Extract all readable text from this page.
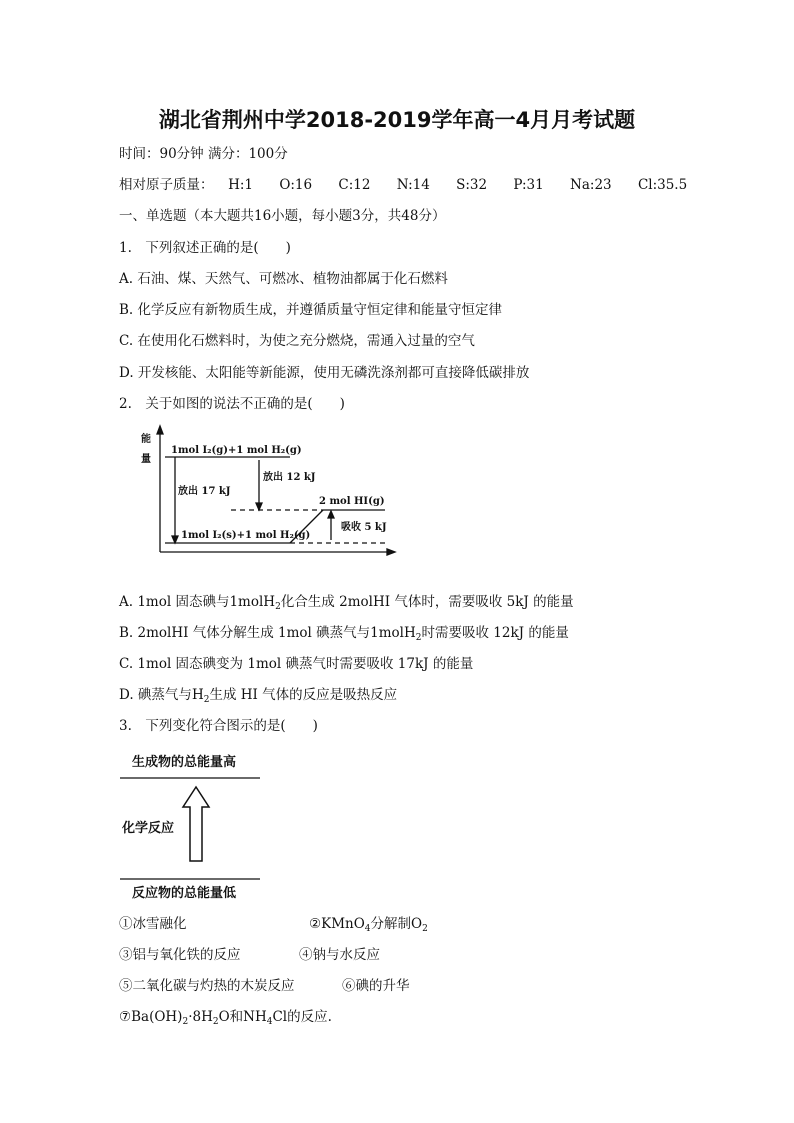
湖北省荆州中学2018-2019学年高一4月月考试题
时间：90分钟 满分：100分
相对原子质量： H:1 O:16 C:12 N:14 S:32 P:31 Na:23 Cl:35.5
一、单选题（本大题共16小题，每小题3分，共48分）
1.　下列叙述正确的是(　　)
A. 石油、煤、天然气、可燃冰、植物油都属于化石燃料
B. 化学反应有新物质生成，并遵循质量守恒定律和能量守恒定律
C. 在使用化石燃料时，为使之充分燃烧，需通入过量的空气
D. 开发核能、太阳能等新能源，使用无磷洗涤剂都可直接降低碳排放
2.　关于如图的说法不正确的是(　　)
能
量
1mol I₂(g)+1 mol H₂(g)
放出 12 kJ
放出 17 kJ
2 mol HI(g)
吸收 5 kJ
1mol I₂(s)+1 mol H₂(g)
A. 1mol 固态碘与1molH$_2$化合生成 2molHI 气体时，需要吸收 5kJ 的能量
B. 2molHI 气体分解生成 1mol 碘蒸气与1molH$_2$时需要吸收 12kJ 的能量
C. 1mol 固态碘变为 1mol 碘蒸气时需要吸收 17kJ 的能量
D. 碘蒸气与$H_2$生成 HI 气体的反应是吸热反应
3.　下列变化符合图示的是(　　)
生成物的总能量高
化学反应
反应物的总能量低
①冰雪融化	②KMnO$_4$分解制$O_2$
③铝与氧化铁的反应	④钠与水反应
⑤二氧化碳与灼热的木炭反应	⑥碘的升华
$⑦Ba(OH)_2\cdot 8H_2O$和$NH_4Cl$的反应.
